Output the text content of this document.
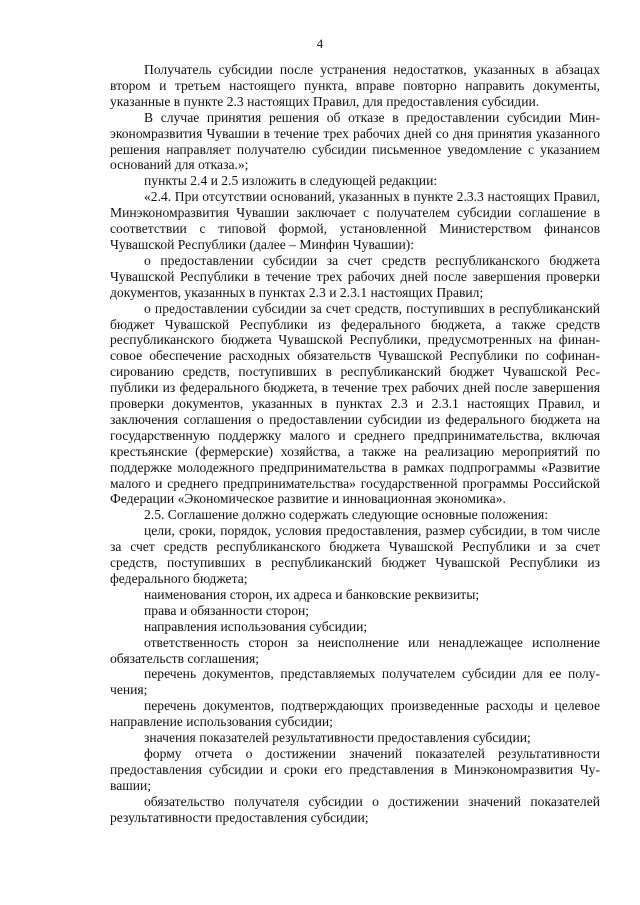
4

Получатель субсидии после устранения недостатков, указанных в абзацах втором и третьем настоящего пункта, вправе повторно направить документы, указанные в пункте 2.3 настоящих Правил, для предоставления субсидии.

В случае принятия решения об отказе в предоставлении субсидии Минэкономразвития Чувашии в течение трех рабочих дней со дня принятия указанного решения направляет получателю субсидии письменное уведомление с указанием оснований для отказа.»;

пункты 2.4 и 2.5 изложить в следующей редакции:

«2.4. При отсутствии оснований, указанных в пункте 2.3.3 настоящих Правил, Минэкономразвития Чувашии заключает с получателем субсидии соглашение в соответствии с типовой формой, установленной Министерством финансов Чувашской Республики (далее – Минфин Чувашии):

о предоставлении субсидии за счет средств республиканского бюджета Чувашской Республики в течение трех рабочих дней после завершения проверки документов, указанных в пунктах 2.3 и 2.3.1 настоящих Правил;

о предоставлении субсидии за счет средств, поступивших в республиканский бюджет Чувашской Республики из федерального бюджета, а также средств республиканского бюджета Чувашской Республики, предусмотренных на финансовое обеспечение расходных обязательств Чувашской Республики по софинансированию средств, поступивших в республиканский бюджет Чувашской Республики из федерального бюджета, в течение трех рабочих дней после завершения проверки документов, указанных в пунктах 2.3 и 2.3.1 настоящих Правил, и заключения соглашения о предоставлении субсидии из федерального бюджета на государственную поддержку малого и среднего предпринимательства, включая крестьянские (фермерские) хозяйства, а также на реализацию мероприятий по поддержке молодежного предпринимательства в рамках подпрограммы «Развитие малого и среднего предпринимательства» государственной программы Российской Федерации «Экономическое развитие и инновационная экономика».

2.5. Соглашение должно содержать следующие основные положения:

цели, сроки, порядок, условия предоставления, размер субсидии, в том числе за счет средств республиканского бюджета Чувашской Республики и за счет средств, поступивших в республиканский бюджет Чувашской Республики из федерального бюджета;

наименования сторон, их адреса и банковские реквизиты;

права и обязанности сторон;

направления использования субсидии;

ответственность сторон за неисполнение или ненадлежащее исполнение обязательств соглашения;

перечень документов, представляемых получателем субсидии для ее получения;

перечень документов, подтверждающих произведенные расходы и целевое направление использования субсидии;

значения показателей результативности предоставления субсидии;

форму отчета о достижении значений показателей результативности предоставления субсидии и сроки его представления в Минэкономразвития Чувашии;

обязательство получателя субсидии о достижении значений показателей результативности предоставления субсидии;
